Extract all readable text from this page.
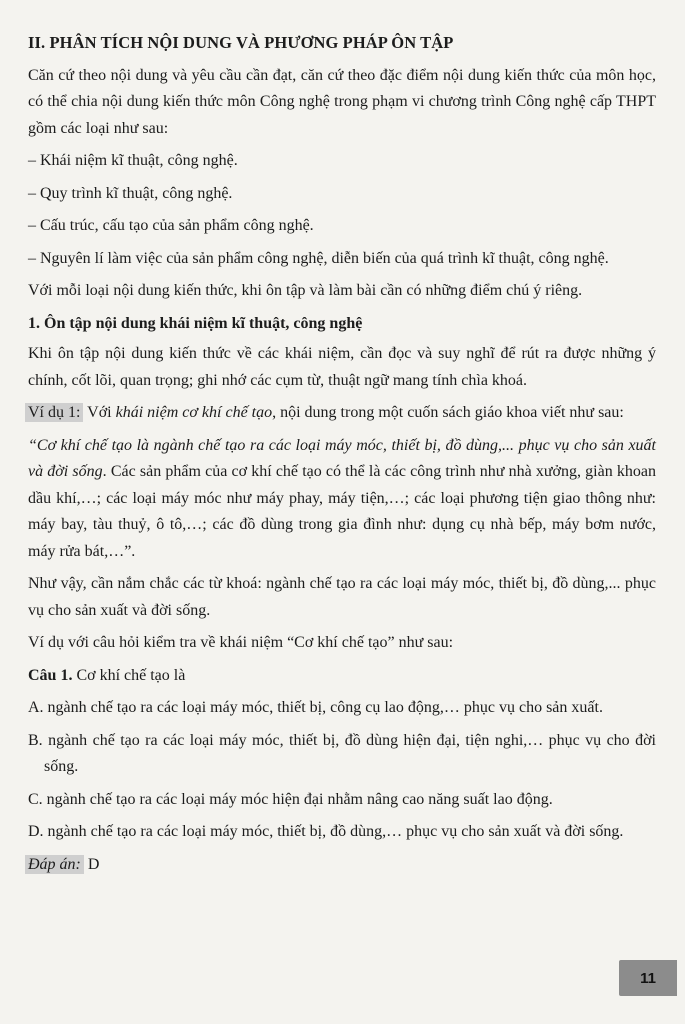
II. PHÂN TÍCH NỘI DUNG VÀ PHƯƠNG PHÁP ÔN TẬP

Căn cứ theo nội dung và yêu cầu cần đạt, căn cứ theo đặc điểm nội dung kiến thức của môn học, có thể chia nội dung kiến thức môn Công nghệ trong phạm vi chương trình Công nghệ cấp THPT gồm các loại như sau:

– Khái niệm kĩ thuật, công nghệ.
– Quy trình kĩ thuật, công nghệ.
– Cấu trúc, cấu tạo của sản phẩm công nghệ.
– Nguyên lí làm việc của sản phẩm công nghệ, diễn biến của quá trình kĩ thuật, công nghệ.

Với mỗi loại nội dung kiến thức, khi ôn tập và làm bài cần có những điểm chú ý riêng.

1. Ôn tập nội dung khái niệm kĩ thuật, công nghệ

Khi ôn tập nội dung kiến thức về các khái niệm, cần đọc và suy nghĩ để rút ra được những ý chính, cốt lõi, quan trọng; ghi nhớ các cụm từ, thuật ngữ mang tính chìa khoá.

Ví dụ 1: Với khái niệm cơ khí chế tạo, nội dung trong một cuốn sách giáo khoa viết như sau:

“Cơ khí chế tạo là ngành chế tạo ra các loại máy móc, thiết bị, đồ dùng,... phục vụ cho sản xuất và đời sống. Các sản phẩm của cơ khí chế tạo có thể là các công trình như nhà xưởng, giàn khoan dầu khí,…; các loại máy móc như máy phay, máy tiện,…; các loại phương tiện giao thông như: máy bay, tàu thuỷ, ô tô,…; các đồ dùng trong gia đình như: dụng cụ nhà bếp, máy bơm nước, máy rửa bát,…”.

Như vậy, cần nắm chắc các từ khoá: ngành chế tạo ra các loại máy móc, thiết bị, đồ dùng,... phục vụ cho sản xuất và đời sống.

Ví dụ với câu hỏi kiểm tra về khái niệm “Cơ khí chế tạo” như sau:

Câu 1. Cơ khí chế tạo là

A. ngành chế tạo ra các loại máy móc, thiết bị, công cụ lao động,… phục vụ cho sản xuất.
B. ngành chế tạo ra các loại máy móc, thiết bị, đồ dùng hiện đại, tiện nghi,… phục vụ cho đời sống.
C. ngành chế tạo ra các loại máy móc hiện đại nhằm nâng cao năng suất lao động.
D. ngành chế tạo ra các loại máy móc, thiết bị, đồ dùng,… phục vụ cho sản xuất và đời sống.

Đáp án: D

11
